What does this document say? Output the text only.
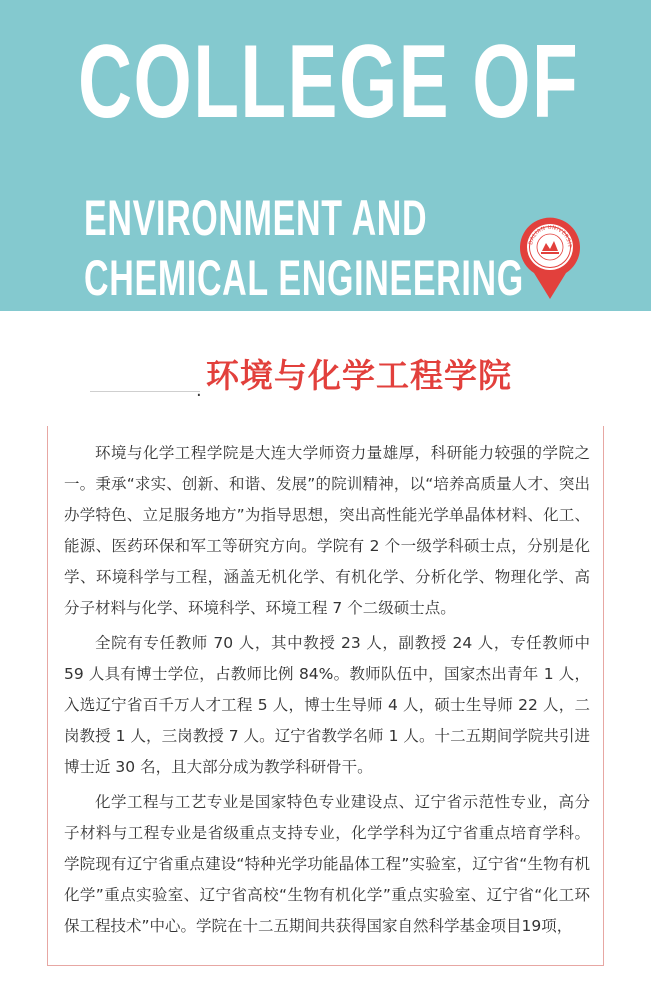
COLLEGE OF
ENVIRONMENT AND
CHEMICAL ENGINEERING
DALIAN UNIVERSIT
. 环境与化学工程学院

环境与化学工程学院是大连大学师资力量雄厚，科研能力较强的学院之一。秉承“求实、创新、和谐、发展”的院训精神，以“培养高质量人才、突出办学特色、立足服务地方”为指导思想，突出高性能光学单晶体材料、化工、能源、医药环保和军工等研究方向。学院有 2 个一级学科硕士点，分别是化学、环境科学与工程，涵盖无机化学、有机化学、分析化学、物理化学、高分子材料与化学、环境科学、环境工程 7 个二级硕士点。

全院有专任教师 70 人，其中教授 23 人，副教授 24 人，专任教师中 59 人具有博士学位，占教师比例 84%。教师队伍中，国家杰出青年 1 人，入选辽宁省百千万人才工程 5 人，博士生导师 4 人，硕士生导师 22 人，二岗教授 1 人，三岗教授 7 人。辽宁省教学名师 1 人。十二五期间学院共引进博士近 30 名，且大部分成为教学科研骨干。

化学工程与工艺专业是国家特色专业建设点、辽宁省示范性专业，高分子材料与工程专业是省级重点支持专业，化学学科为辽宁省重点培育学科。学院现有辽宁省重点建设“特种光学功能晶体工程”实验室，辽宁省“生物有机化学”重点实验室、辽宁省高校“生物有机化学”重点实验室、辽宁省“化工环保工程技术”中心。学院在十二五期间共获得国家自然科学基金项目19项，
